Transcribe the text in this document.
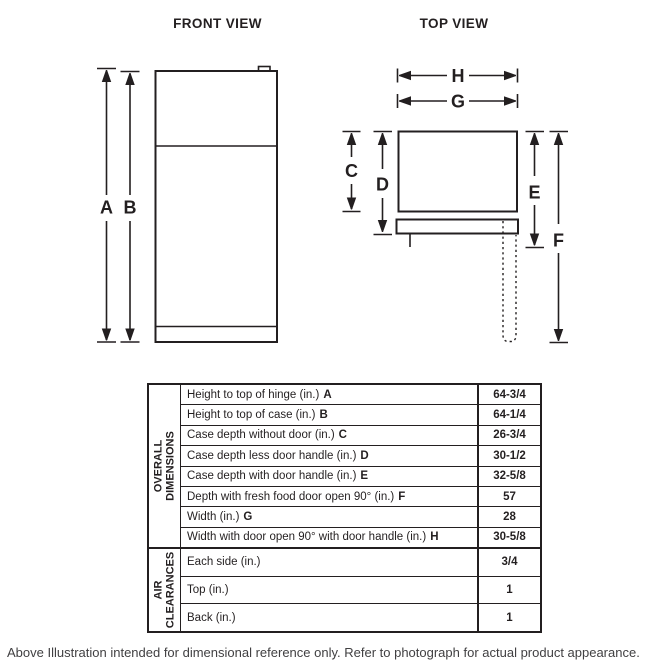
FRONT VIEW	TOP VIEW
A B
H
G
C
D	E
F
OVERALL DIMENSIONS	Height to top of hinge (in.) A	64-3/4
	Height to top of case (in.) B	64-1/4
	Case depth without door (in.) C	26-3/4
	Case depth less door handle (in.) D	30-1/2
	Case depth with door handle (in.) E	32-5/8
	Depth with fresh food door open 90° (in.) F	57
	Width (in.) G	28
	Width with door open 90° with door handle (in.) H	30-5/8

AIR CLEARANCES	Each side (in.)	3/4
	Top (in.)	1
	Back (in.)	1
Above Illustration intended for dimensional reference only. Refer to photograph for actual product appearance.
